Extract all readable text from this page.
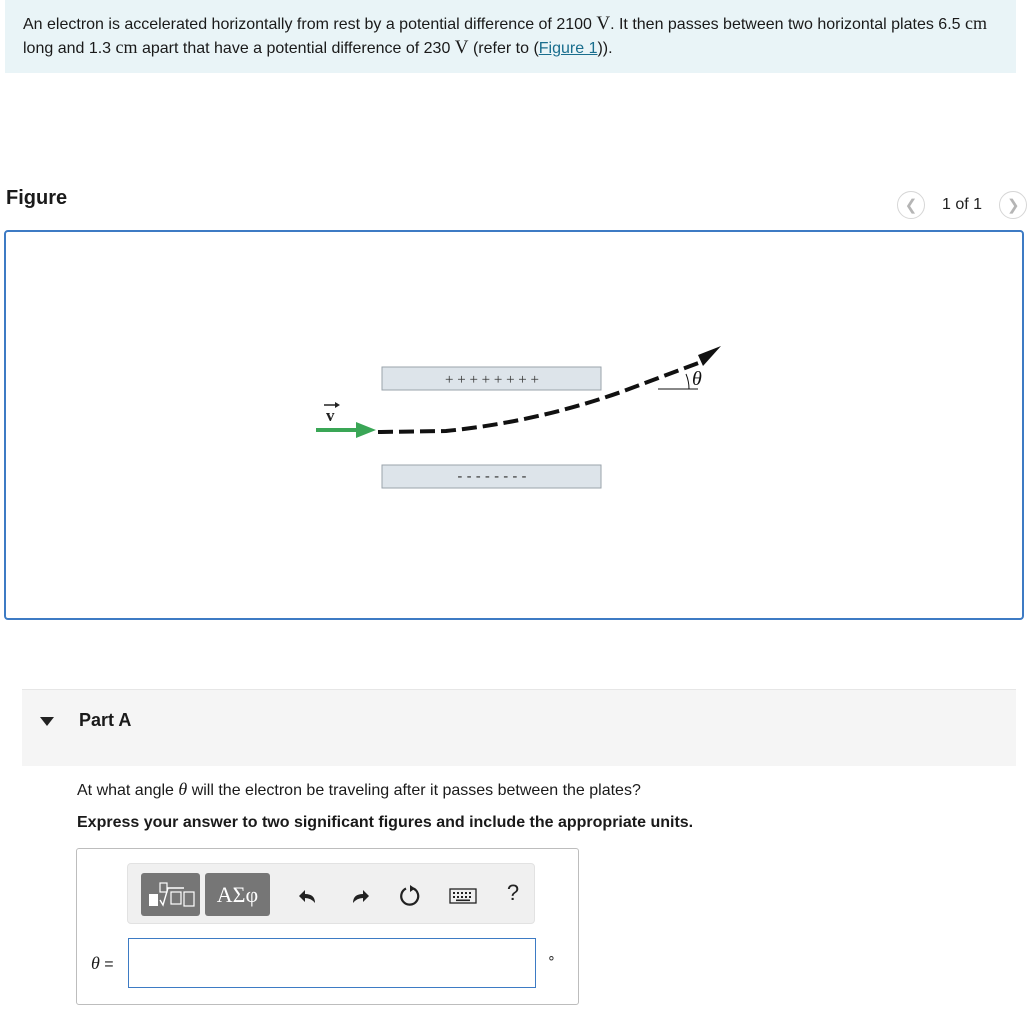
An electron is accelerated horizontally from rest by a potential difference of 2100 V. It then passes between two horizontal plates 6.5 cm long and 1.3 cm apart that have a potential difference of 230 V (refer to (Figure 1)).
Figure	❮ 1 of 1 ❯
+ + + + + + + +
- - - - - - - -
v
θ
Part A
At what angle θ will the electron be traveling after it passes between the plates?
Express your answer to two significant figures and include the appropriate units.
ΑΣφ	?
θ =	∘
